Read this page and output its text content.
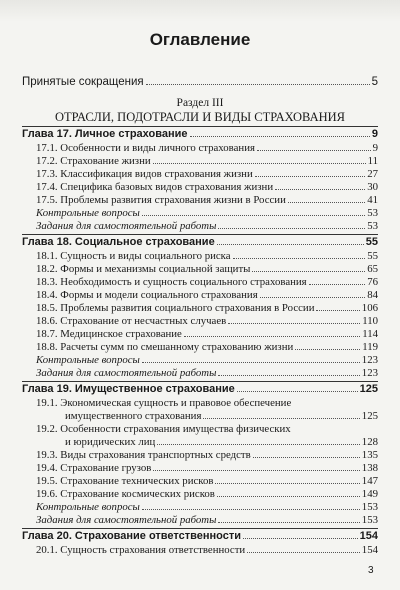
Оглавление
Принятые сокращения	5
Раздел III
ОТРАСЛИ, ПОДОТРАСЛИ И ВИДЫ СТРАХОВАНИЯ
Глава 17. Личное страхование	9
17.1. Особенности и виды личного страхования	9
17.2. Страхование жизни	11
17.3. Классификация видов страхования жизни	27
17.4. Специфика базовых видов страхования жизни	30
17.5. Проблемы развития страхования жизни в России	41
Контрольные вопросы	53
Задания для самостоятельной работы	53
Глава 18. Социальное страхование	55
18.1. Сущность и виды социального риска	55
18.2. Формы и механизмы социальной защиты	65
18.3. Необходимость и сущность социального страхования	76
18.4. Формы и модели социального страхования	84
18.5. Проблемы развития социального страхования в России	106
18.6. Страхование от несчастных случаев	110
18.7. Медицинское страхование	114
18.8. Расчеты сумм по смешанному страхованию жизни	119
Контрольные вопросы	123
Задания для самостоятельной работы	123
Глава 19. Имущественное страхование	125
19.1. Экономическая сущность и правовое обеспечение
имущественного страхования	125
19.2. Особенности страхования имущества физических
и юридических лиц	128
19.3. Виды страхования транспортных средств	135
19.4. Страхование грузов	138
19.5. Страхование технических рисков	147
19.6. Страхование космических рисков	149
Контрольные вопросы	153
Задания для самостоятельной работы	153
Глава 20. Страхование ответственности	154
20.1. Сущность страхования ответственности	154
3
